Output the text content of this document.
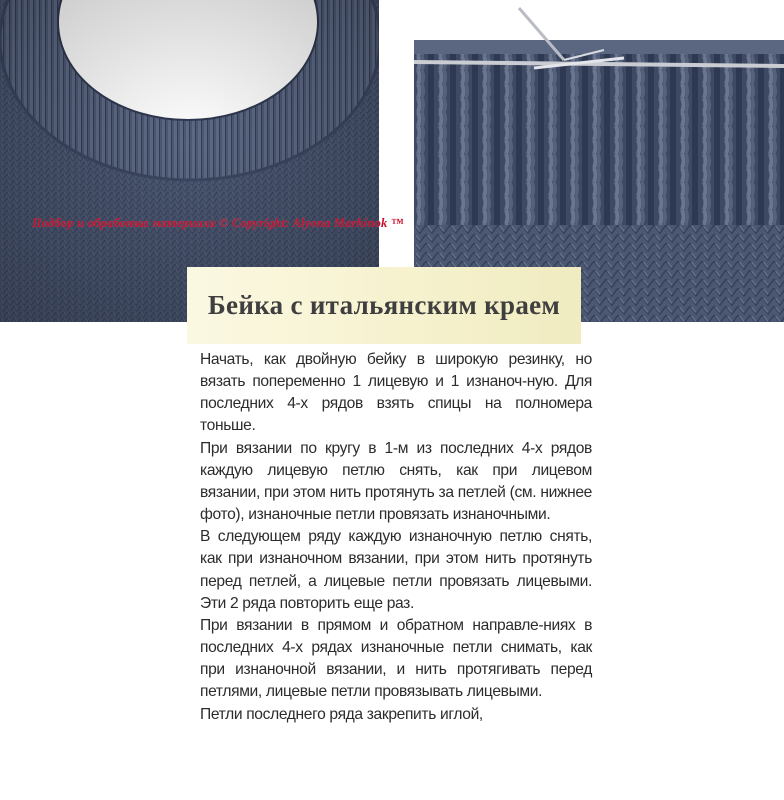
Подбор и обработка материала © Copyright: Alyona Marhinok ™
Бейка с итальянским краем

Начать, как двойную бейку в широкую резинку, но вязать попеременно 1 лицевую и 1 изнаноч-ную. Для последних 4-х рядов взять спицы на полномера тоньше.

При вязании по кругу в 1-м из последних 4-х рядов каждую лицевую петлю снять, как при лицевом вязании, при этом нить протянуть за петлей (см. нижнее фото), изнаночные петли провязать изнаночными.

В следующем ряду каждую изнаночную петлю снять, как при изнаночном вязании, при этом нить протянуть перед петлей, а лицевые петли провязать лицевыми. Эти 2 ряда повторить еще раз.

При вязании в прямом и обратном направле-ниях в последних 4-х рядах изнаночные петли снимать, как при изнаночной вязании, и нить протягивать перед петлями, лицевые петли провязывать лицевыми.

Петли последнего ряда закрепить иглой,
